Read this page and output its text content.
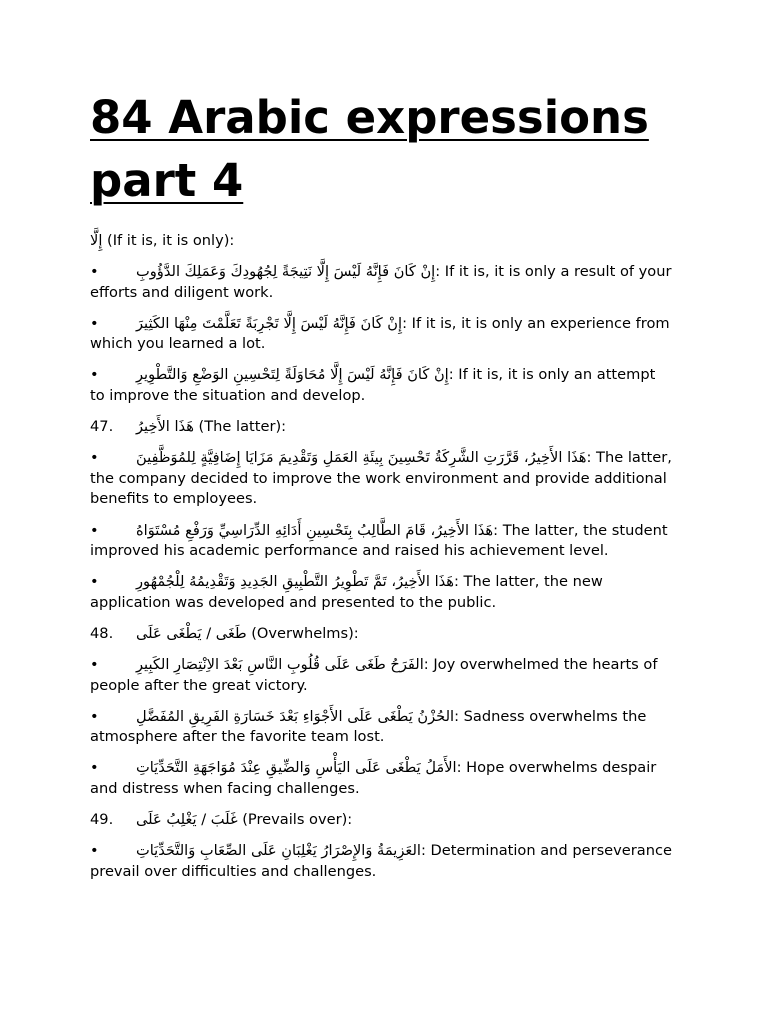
84 Arabic expressions part 4

إِلَّا (If it is, it is only):

•	إِنْ كَانَ فَإِنَّهُ لَيْسَ إِلَّا نَتِيجَةً لِجُهُودِكَ وَعَمَلِكَ الدَّؤُوبِ: If it is, it is only a result of your efforts and diligent work.

•	إِنْ كَانَ فَإِنَّهُ لَيْسَ إِلَّا تَجْرِبَةً تَعَلَّمْتَ مِنْهَا الكَثِيرَ: If it is, it is only an experience from which you learned a lot.

•	إِنْ كَانَ فَإِنَّهُ لَيْسَ إِلَّا مُحَاوَلَةً لِتَحْسِينِ الوَضْعِ وَالتَّطْوِيرِ: If it is, it is only an attempt to improve the situation and develop.

47. هَذَا الأَخِيرُ (The latter):

•	هَذَا الأَخِيرُ، قَرَّرَتِ الشَّرِكَةُ تَحْسِينَ بِيئَةِ العَمَلِ وَتَقْدِيمَ مَزَايَا إِضَافِيَّةٍ لِلمُوَظَّفِينَ: The latter, the company decided to improve the work environment and provide additional benefits to employees.

•	هَذَا الأَخِيرُ، قَامَ الطَّالِبُ بِتَحْسِينِ أَدَائِهِ الدِّرَاسِيِّ وَرَفْعِ مُسْتَوَاهُ: The latter, the student improved his academic performance and raised his achievement level.

•	هَذَا الأَخِيرُ، تَمَّ تَطْوِيرُ التَّطْبِيقِ الجَدِيدِ وَتَقْدِيمُهُ لِلْجُمْهُورِ: The latter, the new application was developed and presented to the public.

48. طَغَى / يَطْغَى عَلَى (Overwhelms):

•	الفَرَحُ طَغَى عَلَى قُلُوبِ النَّاسِ بَعْدَ الاِنْتِصَارِ الكَبِيرِ: Joy overwhelmed the hearts of people after the great victory.

•	الحُزْنُ يَطْغَى عَلَى الأَجْوَاءِ بَعْدَ خَسَارَةِ الفَرِيقِ المُفَضَّلِ: Sadness overwhelms the atmosphere after the favorite team lost.

•	الأَمَلُ يَطْغَى عَلَى اليَأْسِ وَالضِّيقِ عِنْدَ مُوَاجَهَةِ التَّحَدِّيَاتِ: Hope overwhelms despair and distress when facing challenges.

49. غَلَبَ / يَغْلِبُ عَلَى (Prevails over):

•	العَزِيمَةُ وَالإِصْرَارُ يَغْلِبَانِ عَلَى الصِّعَابِ وَالتَّحَدِّيَاتِ: Determination and perseverance prevail over difficulties and challenges.
